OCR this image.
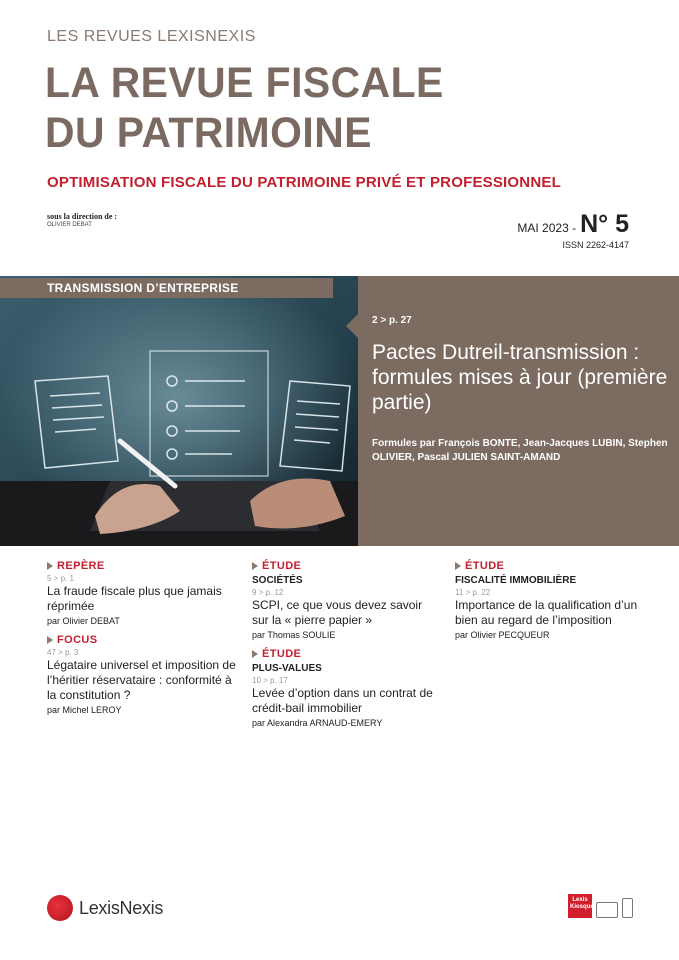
LES REVUES LEXISNEXIS
LA REVUE FISCALE
DU PATRIMOINE
OPTIMISATION FISCALE DU PATRIMOINE PRIVÉ ET PROFESSIONNEL
sous la direction de :
OLIVIER DEBAT	MAI 2023 - N° 5
ISSN 2262-4147
TRANSMISSION D’ENTREPRISE
2 > p. 27
Pactes Dutreil-transmission : formules mises à jour (première partie)
Formules par François BONTE, Jean-Jacques LUBIN, Stephen OLIVIER, Pascal JULIEN SAINT-AMAND
REPÈRE
5 > p. 1
La fraude fiscale plus que jamais réprimée
par Olivier DEBAT
FOCUS
47 > p. 3
Légataire universel et imposition de l’héritier réservataire : conformité à la constitution ?
par Michel LEROY
ÉTUDE
SOCIÉTÉS
9 > p. 12
SCPI, ce que vous devez savoir sur la « pierre papier »
par Thomas SOULIE
ÉTUDE
PLUS-VALUES
10 > p. 17
Levée d’option dans un contrat de crédit-bail immobilier
par Alexandra ARNAUD-EMERY
ÉTUDE
FISCALITÉ IMMOBILIÈRE
11 > p. 22
Importance de la qualification d’un bien au regard de l’imposition
par Olivier PECQUEUR
LexisNexis	Lexis
Kiosque
